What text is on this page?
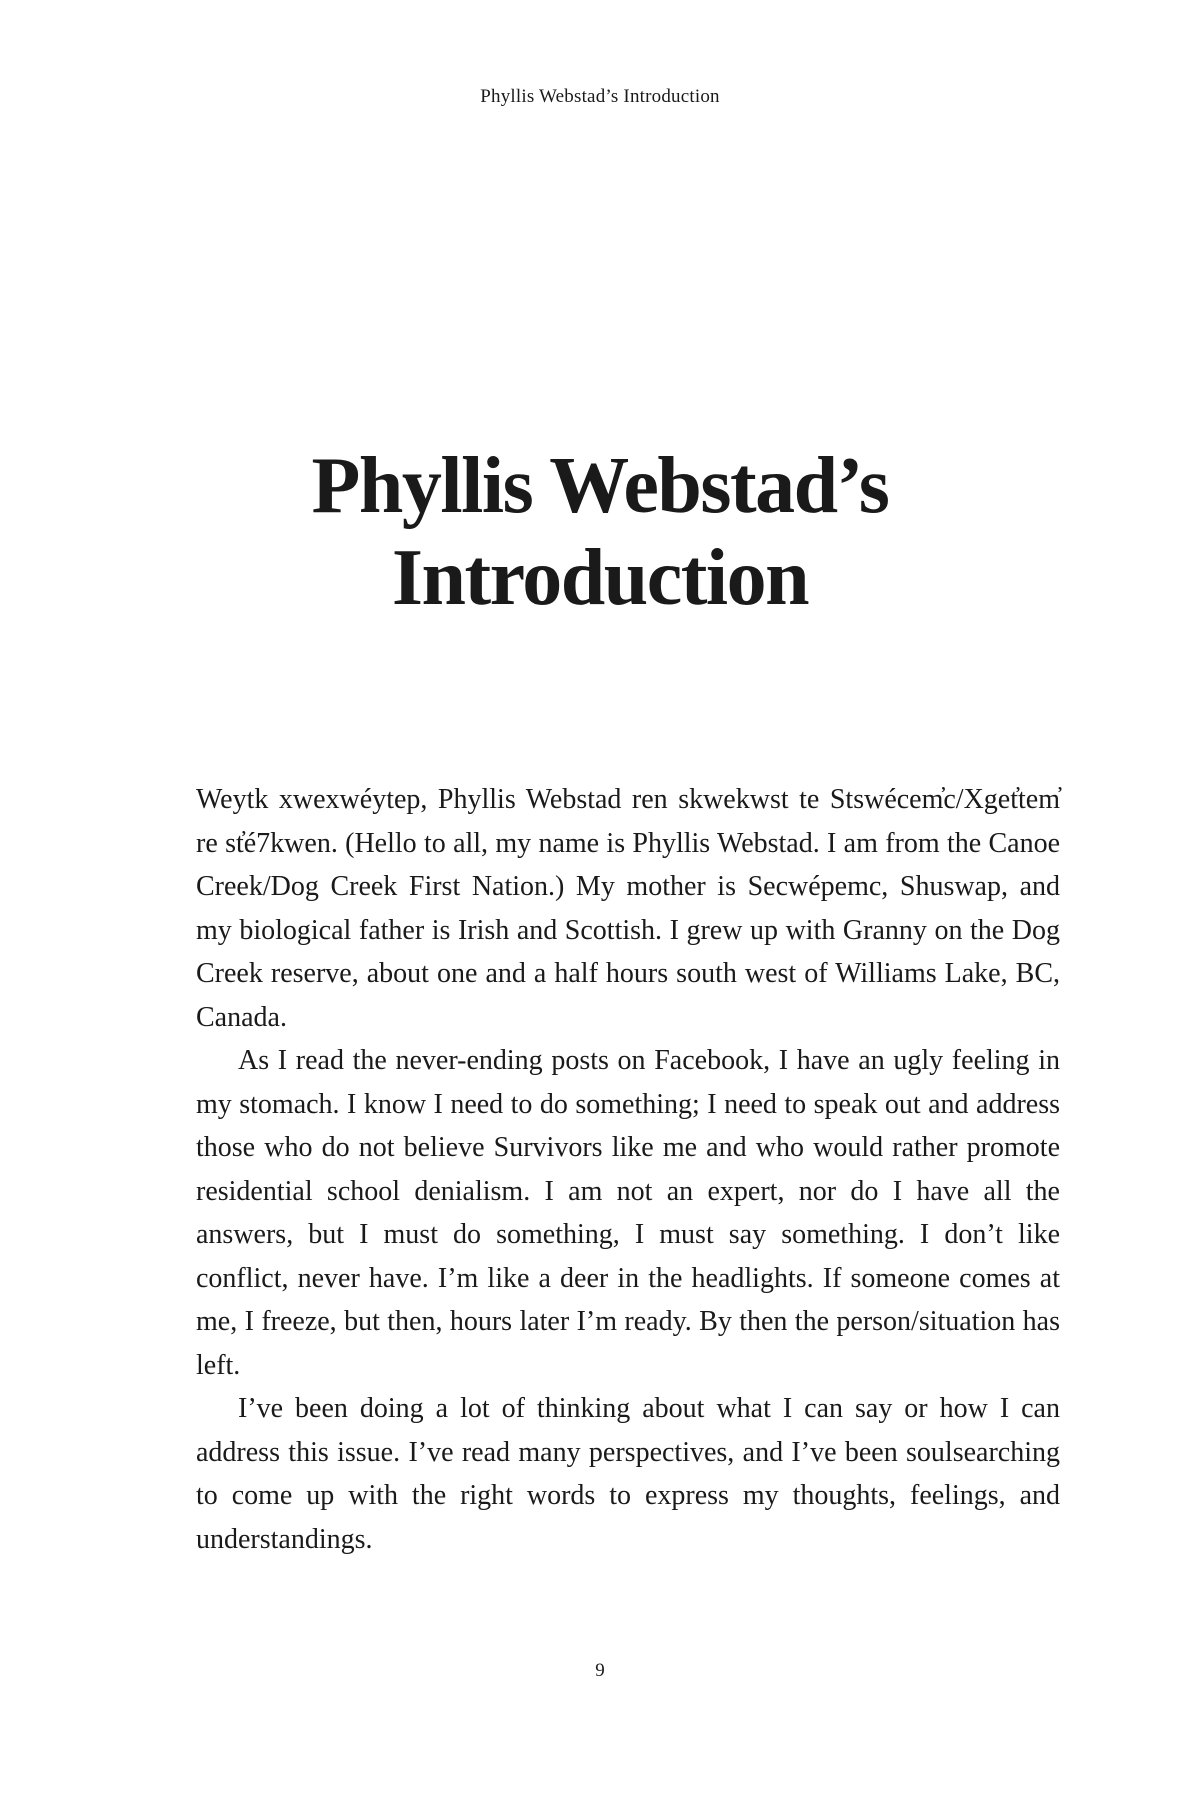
Phyllis Webstad’s Introduction
Phyllis Webstad’s
Introduction

Weytk xwexwéytep, Phyllis Webstad ren skwekwst te Stswécem̓c/Xget̓tem̓ re st̓é7kwen. (Hello to all, my name is Phyllis Webstad. I am from the Canoe Creek/Dog Creek First Nation.) My mother is Secwépemc, Shuswap, and my biological father is Irish and Scottish. I grew up with Granny on the Dog Creek reserve, about one and a half hours south west of Williams Lake, BC, Canada.

As I read the never-ending posts on Facebook, I have an ugly feeling in my stomach. I know I need to do something; I need to speak out and address those who do not believe Survivors like me and who would rather promote residential school denialism. I am not an expert, nor do I have all the answers, but I must do something, I must say something. I don’t like conflict, never have. I’m like a deer in the headlights. If someone comes at me, I freeze, but then, hours later I’m ready. By then the person/situation has left.

I’ve been doing a lot of thinking about what I can say or how I can address this issue. I’ve read many perspectives, and I’ve been soulsearching to come up with the right words to express my thoughts, feelings, and understandings.

9
